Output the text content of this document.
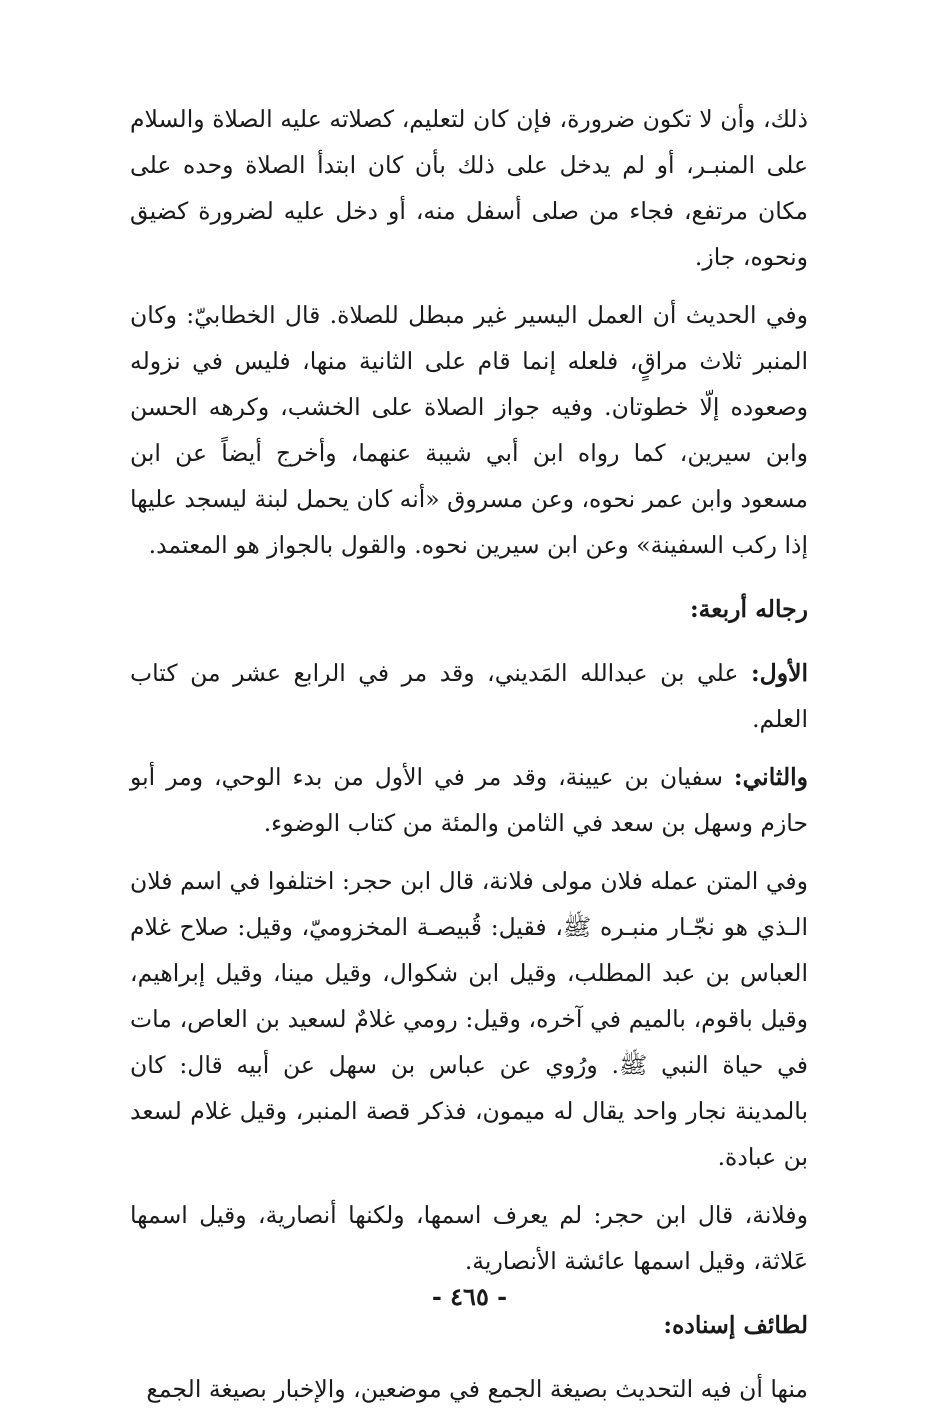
ذلك، وأن لا تكون ضرورة، فإن كان لتعليم، كصلاته عليه الصلاة والسلام على المنبـر، أو لم يدخل على ذلك بأن كان ابتدأ الصلاة وحده على مكان مرتفع، فجاء من صلى أسفل منه، أو دخل عليه لضرورة كضيق ونحوه، جاز.

وفي الحديث أن العمل اليسير غير مبطل للصلاة. قال الخطابيّ: وكان المنبر ثلاث مراقٍ، فلعله إنما قام على الثانية منها، فليس في نزوله وصعوده إلّا خطوتان. وفيه جواز الصلاة على الخشب، وكرهه الحسن وابن سيرين، كما رواه ابن أبي شيبة عنهما، وأخرج أيضاً عن ابن مسعود وابن عمر نحوه، وعن مسروق «أنه كان يحمل لبنة ليسجد عليها إذا ركب السفينة» وعن ابن سيرين نحوه. والقول بالجواز هو المعتمد.

رجاله أربعة:

الأول: علي بن عبدالله المَديني، وقد مر في الرابع عشر من كتاب العلم.

والثاني: سفيان بن عيينة، وقد مر في الأول من بدء الوحي، ومر أبو حازم وسهل بن سعد في الثامن والمئة من كتاب الوضوء.

وفي المتن عمله فلان مولى فلانة، قال ابن حجر: اختلفوا في اسم فلان الـذي هو نجّـار منبـره ﷺ، فقيل: قُبيصـة المخزوميّ، وقيل: صلاح غلام العباس بن عبد المطلب، وقيل ابن شكوال، وقيل مينا، وقيل إبراهيم، وقيل باقوم، بالميم في آخره، وقيل: رومي غلامٌ لسعيد بن العاص، مات في حياة النبي ﷺ. ورُوي عن عباس بن سهل عن أبيه قال: كان بالمدينة نجار واحد يقال له ميمون، فذكر قصة المنبر، وقيل غلام لسعد بن عبادة.

وفلانة، قال ابن حجر: لم يعرف اسمها، ولكنها أنصارية، وقيل اسمها عَلاثة، وقيل اسمها عائشة الأنصارية.

لطائف إسناده:

منها أن فيه التحديث بصيغة الجمع في موضعين، والإخبار بصيغة الجمع

- ٤٦٥ -
